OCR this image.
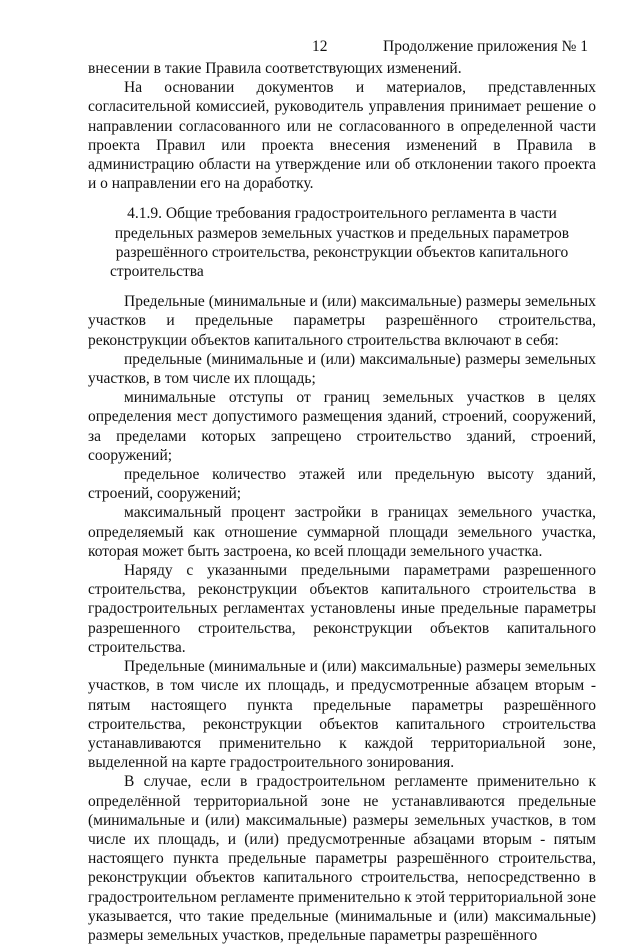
12	Продолжение приложения № 1

внесении в такие Правила соответствующих изменений.

На основании документов и материалов, представленных согласительной комиссией, руководитель управления принимает решение о направлении согласованного или не согласованного в определенной части проекта Правил или проекта внесения изменений в Правила в администрацию области на утверждение или об отклонении такого проекта и о направлении его на доработку.

4.1.9. Общие требования градостроительного регламента в части предельных размеров земельных участков и предельных параметров разрешённого строительства, реконструкции объектов капитального строительства

Предельные (минимальные и (или) максимальные) размеры земельных участков и предельные параметры разрешённого строительства, реконструкции объектов капитального строительства включают в себя:

предельные (минимальные и (или) максимальные) размеры земельных участков, в том числе их площадь;

минимальные отступы от границ земельных участков в целях определения мест допустимого размещения зданий, строений, сооружений, за пределами которых запрещено строительство зданий, строений, сооружений;

предельное количество этажей или предельную высоту зданий, строений, сооружений;

максимальный процент застройки в границах земельного участка, определяемый как отношение суммарной площади земельного участка, которая может быть застроена, ко всей площади земельного участка.

Наряду с указанными предельными параметрами разрешенного строительства, реконструкции объектов капитального строительства в градостроительных регламентах установлены иные предельные параметры разрешенного строительства, реконструкции объектов капитального строительства.

Предельные (минимальные и (или) максимальные) размеры земельных участков, в том числе их площадь, и предусмотренные абзацем вторым - пятым настоящего пункта предельные параметры разрешённого строительства, реконструкции объектов капитального строительства устанавливаются применительно к каждой территориальной зоне, выделенной на карте градостроительного зонирования.

В случае, если в градостроительном регламенте применительно к определённой территориальной зоне не устанавливаются предельные (минимальные и (или) максимальные) размеры земельных участков, в том числе их площадь, и (или) предусмотренные абзацами вторым - пятым настоящего пункта предельные параметры разрешённого строительства, реконструкции объектов капитального строительства, непосредственно в градостроительном регламенте применительно к этой территориальной зоне указывается, что такие предельные (минимальные и (или) максимальные) размеры земельных участков, предельные параметры разрешённого
